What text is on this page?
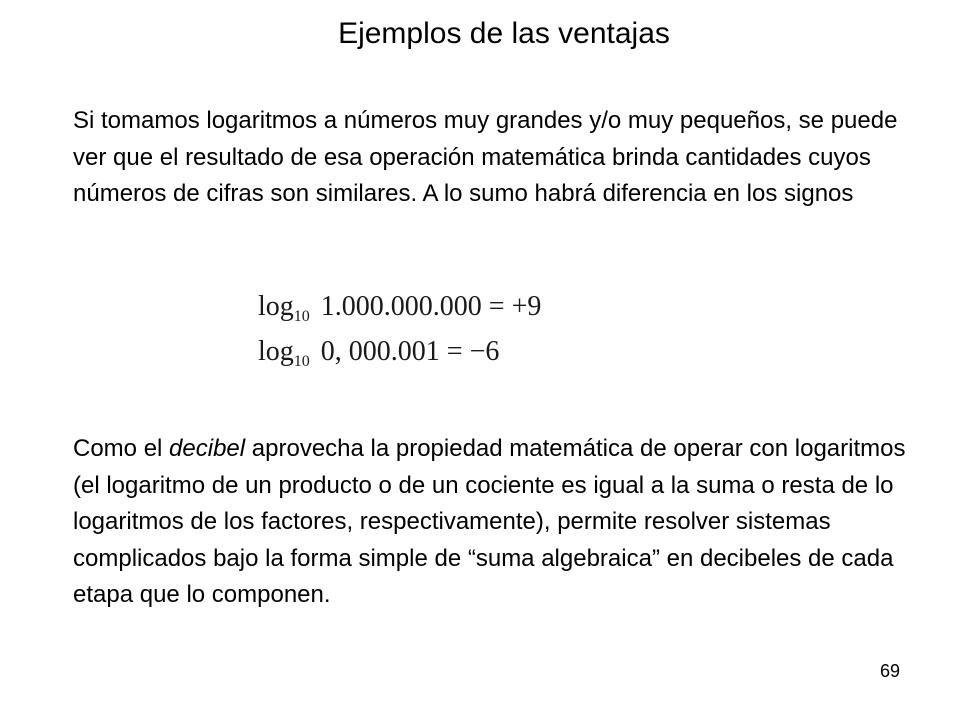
Ejemplos de las ventajas

Si tomamos logaritmos a números muy grandes y/o muy pequeños, se puede ver que el resultado de esa operación matemática brinda cantidades cuyos números de cifras son similares. A lo sumo habrá diferencia en los signos

$\log_{10} 1.000.000.000 = +9$
$\log_{10} 0$, 000.001 = −6

Como el decibel aprovecha la propiedad matemática de operar con logaritmos (el logaritmo de un producto o de un cociente es igual a la suma o resta de lo logaritmos de los factores, respectivamente), permite resolver sistemas complicados bajo la forma simple de “suma algebraica” en decibeles de cada etapa que lo componen.

69
